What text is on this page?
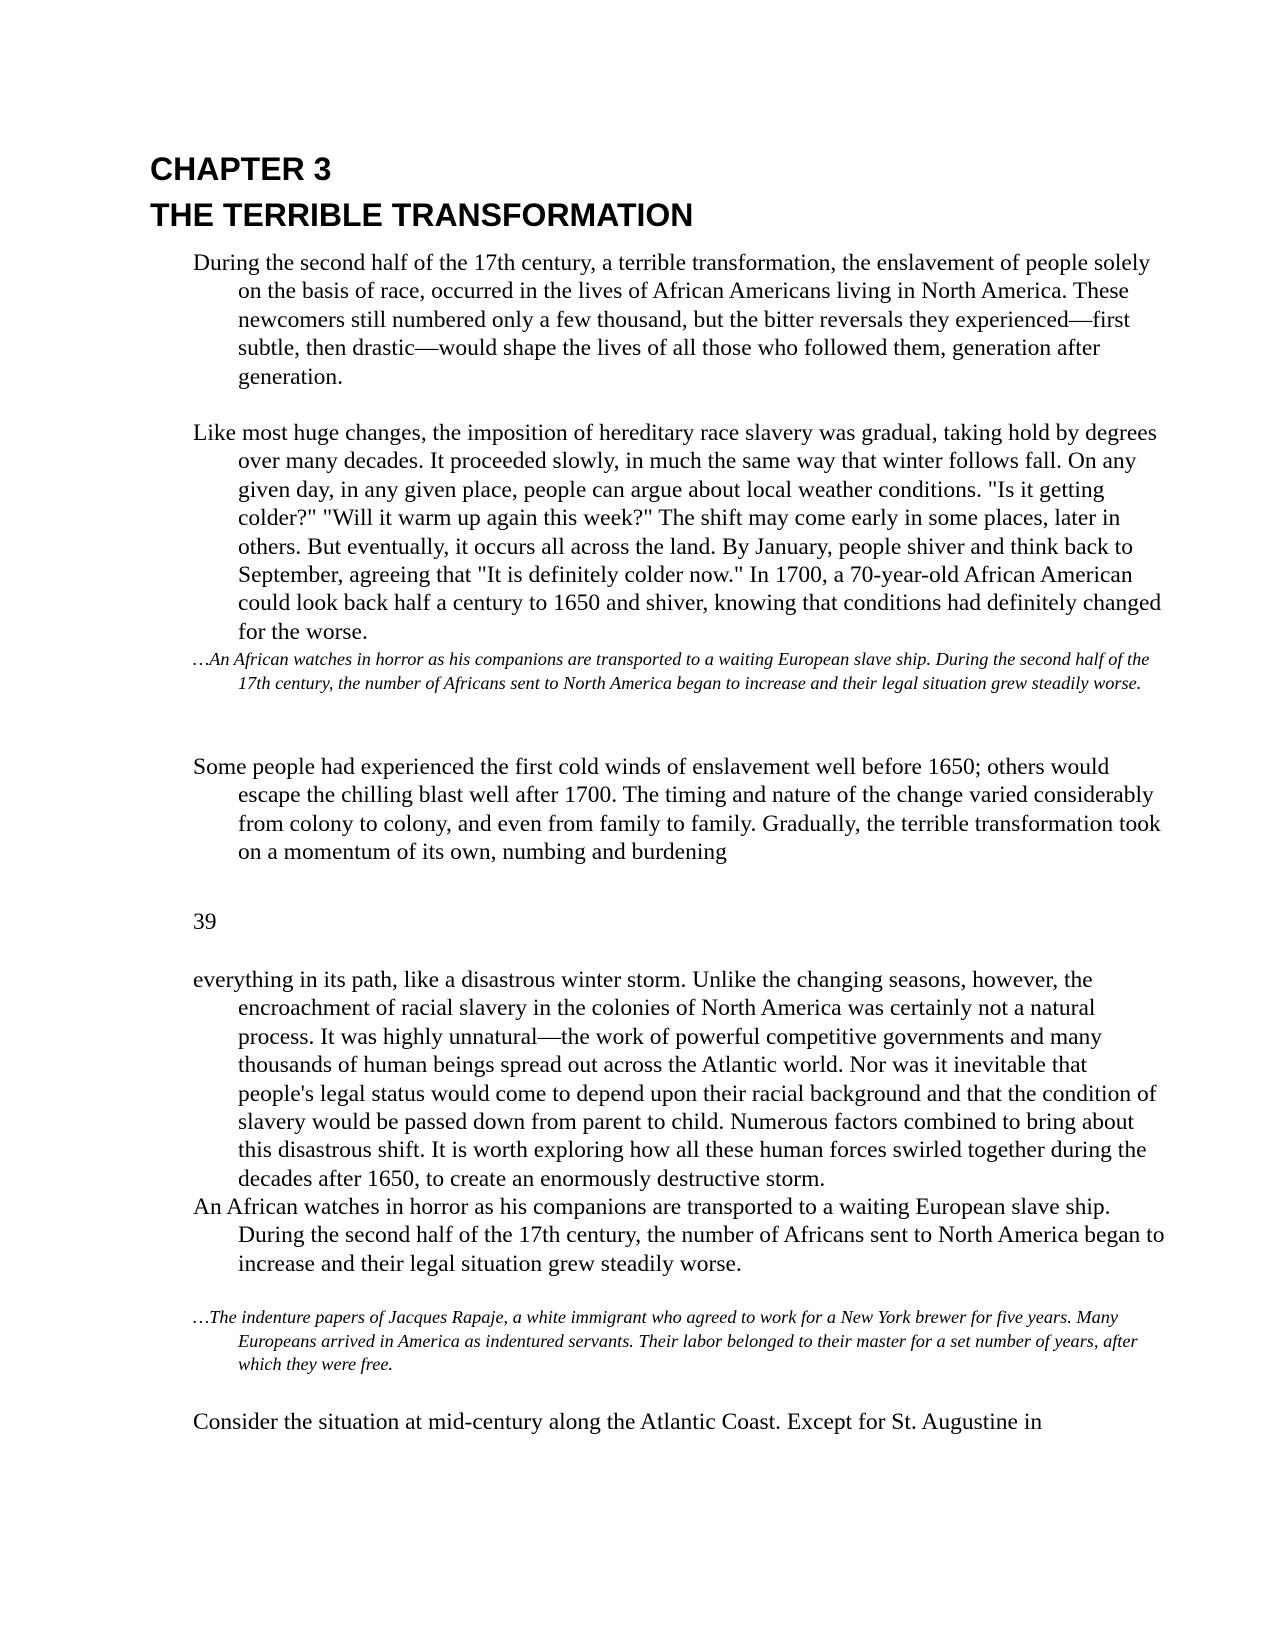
CHAPTER 3
THE TERRIBLE TRANSFORMATION

During the second half of the 17th century, a terrible transformation, the enslavement of people solely on the basis of race, occurred in the lives of African Americans living in North America. These newcomers still numbered only a few thousand, but the bitter reversals they experienced—first subtle, then drastic—would shape the lives of all those who followed them, generation after generation.

Like most huge changes, the imposition of hereditary race slavery was gradual, taking hold by degrees over many decades. It proceeded slowly, in much the same way that winter follows fall. On any given day, in any given place, people can argue about local weather conditions. "Is it getting colder?" "Will it warm up again this week?" The shift may come early in some places, later in others. But eventually, it occurs all across the land. By January, people shiver and think back to September, agreeing that "It is definitely colder now." In 1700, a 70-year-old African American could look back half a century to 1650 and shiver, knowing that conditions had definitely changed for the worse.

…An African watches in horror as his companions are transported to a waiting European slave ship. During the second half of the 17th century, the number of Africans sent to North America began to increase and their legal situation grew steadily worse.

Some people had experienced the first cold winds of enslavement well before 1650; others would escape the chilling blast well after 1700. The timing and nature of the change varied considerably from colony to colony, and even from family to family. Gradually, the terrible transformation took on a momentum of its own, numbing and burdening

39

everything in its path, like a disastrous winter storm. Unlike the changing seasons, however, the encroachment of racial slavery in the colonies of North America was certainly not a natural process. It was highly unnatural—the work of powerful competitive governments and many thousands of human beings spread out across the Atlantic world. Nor was it inevitable that people's legal status would come to depend upon their racial background and that the condition of slavery would be passed down from parent to child. Numerous factors combined to bring about this disastrous shift. It is worth exploring how all these human forces swirled together during the decades after 1650, to create an enormously destructive storm.

An African watches in horror as his companions are transported to a waiting European slave ship. During the second half of the 17th century, the number of Africans sent to North America began to increase and their legal situation grew steadily worse.

…The indenture papers of Jacques Rapaje, a white immigrant who agreed to work for a New York brewer for five years. Many Europeans arrived in America as indentured servants. Their labor belonged to their master for a set number of years, after which they were free.

Consider the situation at mid-century along the Atlantic Coast. Except for St. Augustine in
